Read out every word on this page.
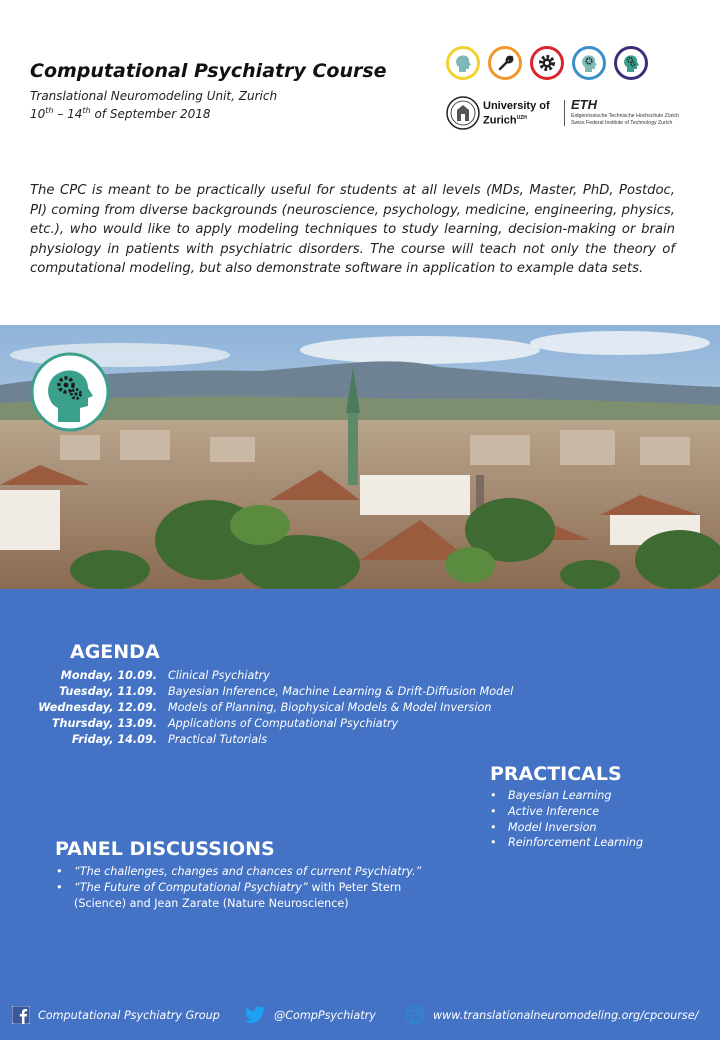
Computational Psychiatry Course
Translational Neuromodeling Unit, Zurich
10th – 14th of September 2018
University of
Zurich$^{UZH}$
ETH
Eidgenössische Technische Hochschule Zürich
Swiss Federal Institute of Technology Zurich

The CPC is meant to be practically useful for students at all levels (MDs, Master, PhD, Postdoc, PI) coming from diverse backgrounds (neuroscience, psychology, medicine, engineering, physics, etc.), who would like to apply modeling techniques to study learning, decision-making or brain physiology in patients with psychiatric disorders. The course will teach not only the theory of computational modeling, but also demonstrate software in application to example data sets.

AGENDA
Monday, 10.09. Clinical Psychiatry
Tuesday, 11.09. Bayesian Inference, Machine Learning & Drift-Diffusion Model
Wednesday, 12.09. Models of Planning, Biophysical Models & Model Inversion
Thursday, 13.09. Applications of Computational Psychiatry
Friday, 14.09. Practical Tutorials
PRACTICALS
• Bayesian Learning
• Active Inference
• Model Inversion
• Reinforcement Learning
PANEL DISCUSSIONS
• “The challenges, changes and chances of current Psychiatry.”
• “The Future of Computational Psychiatry” with Peter Stern
(Science) and Jean Zarate (Nature Neuroscience)
Computational Psychiatry Group	@CompPsychiatry	www.translationalneuromodeling.org/cpcourse/
